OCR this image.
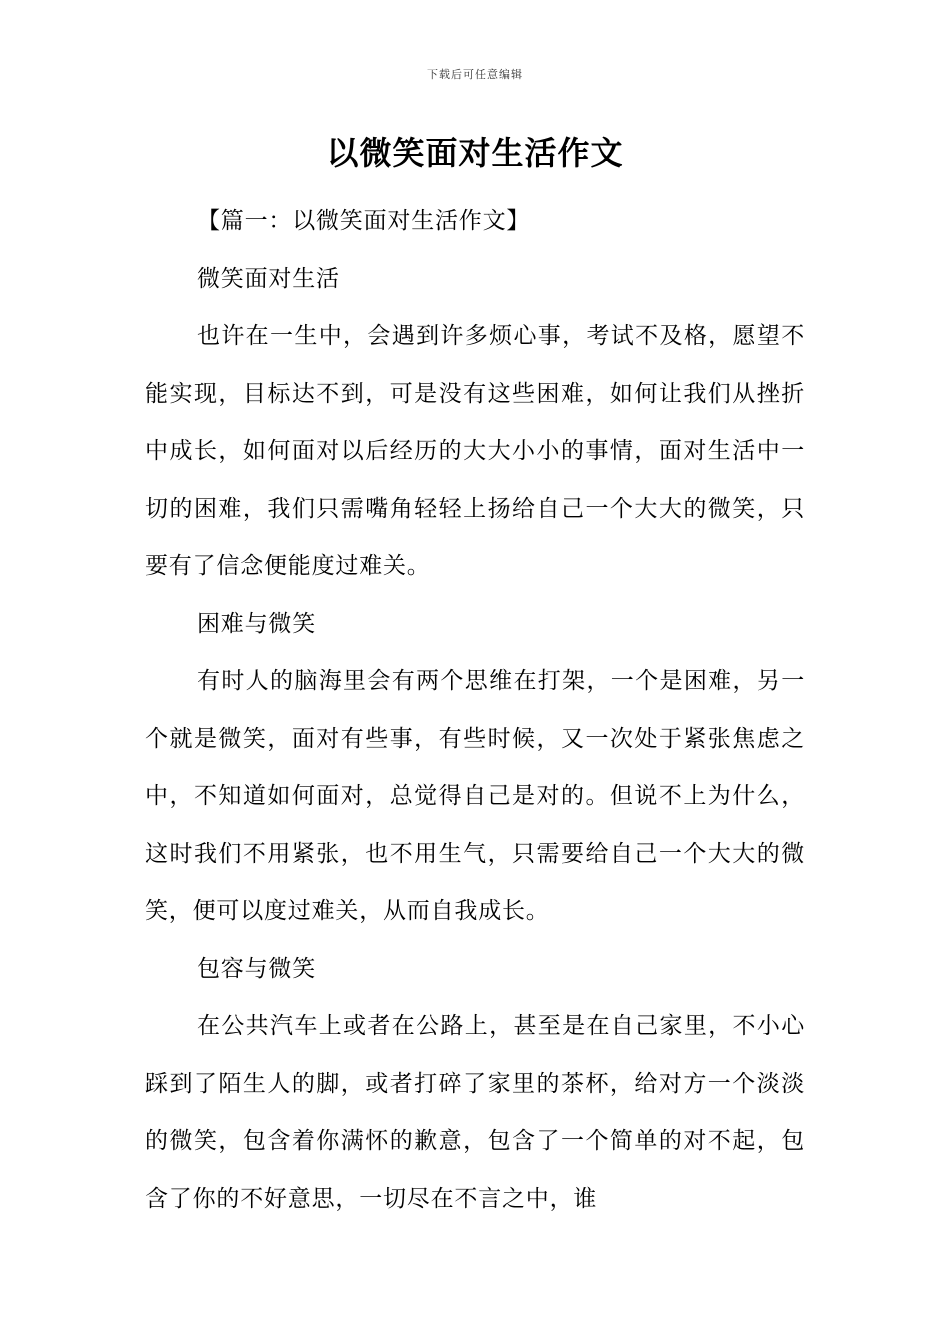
下载后可任意编辑
以微笑面对生活作文

【篇一：以微笑面对生活作文】

微笑面对生活

也许在一生中，会遇到许多烦心事，考试不及格，愿望不能实现，目标达不到，可是没有这些困难，如何让我们从挫折中成长，如何面对以后经历的大大小小的事情，面对生活中一切的困难，我们只需嘴角轻轻上扬给自己一个大大的微笑，只要有了信念便能度过难关。

困难与微笑

有时人的脑海里会有两个思维在打架，一个是困难，另一个就是微笑，面对有些事，有些时候，又一次处于紧张焦虑之中，不知道如何面对，总觉得自己是对的。但说不上为什么，这时我们不用紧张，也不用生气，只需要给自己一个大大的微笑，便可以度过难关，从而自我成长。

包容与微笑

在公共汽车上或者在公路上，甚至是在自己家里，不小心踩到了陌生人的脚，或者打碎了家里的茶杯，给对方一个淡淡的微笑，包含着你满怀的歉意，包含了一个简单的对不起，包含了你的不好意思，一切尽在不言之中，谁
